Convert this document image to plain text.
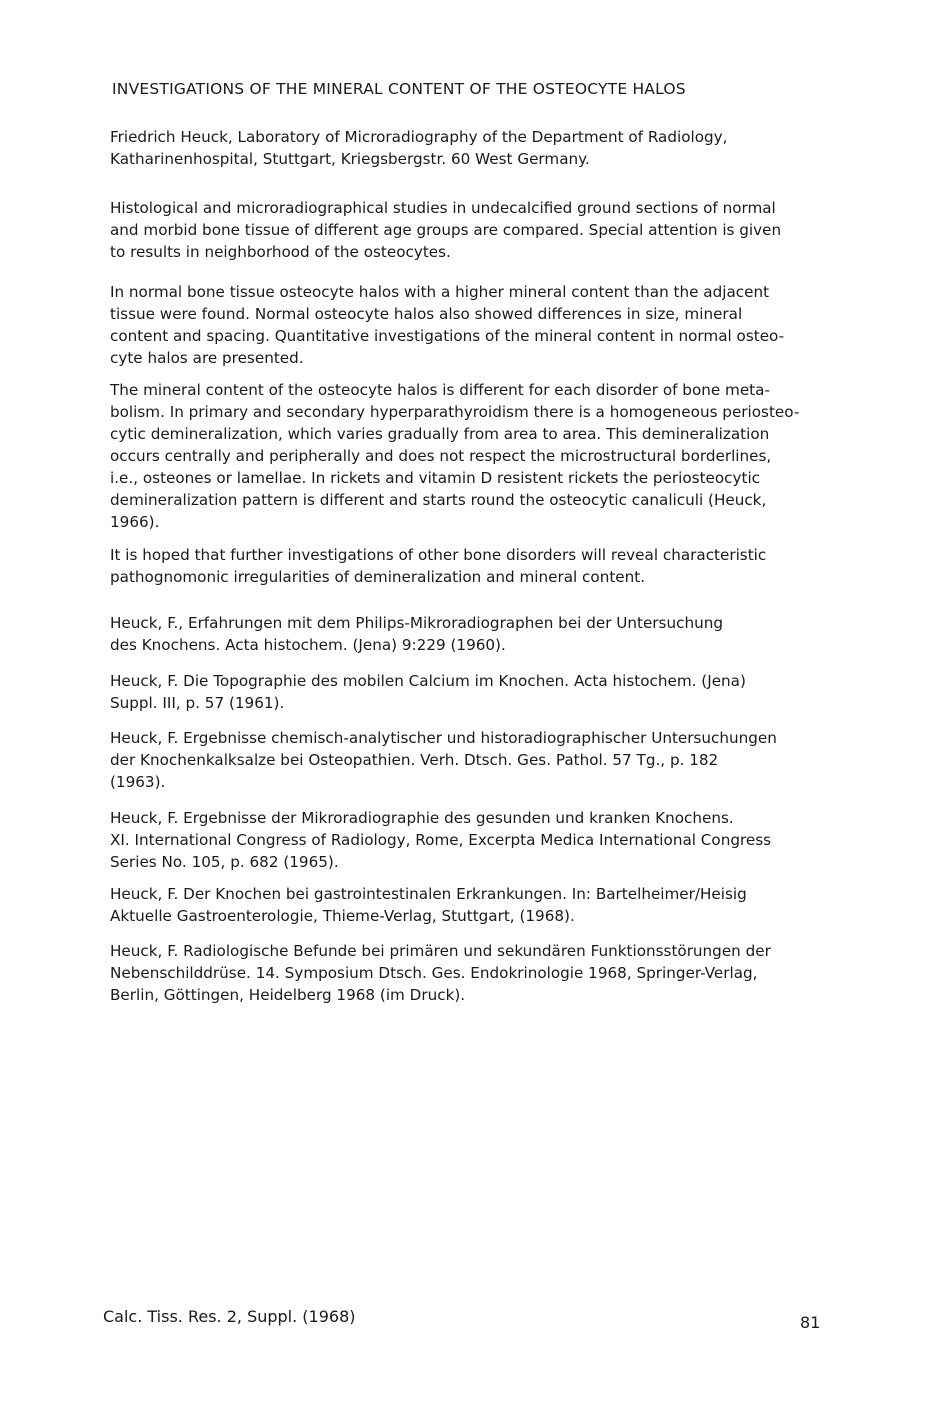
INVESTIGATIONS OF THE MINERAL CONTENT OF THE OSTEOCYTE HALOS
Friedrich Heuck, Laboratory of Microradiography of the Department of Radiology,
Katharinenhospital, Stuttgart, Kriegsbergstr. 60 West Germany.
Histological and microradiographical studies in undecalcified ground sections of normal
and morbid bone tissue of different age groups are compared. Special attention is given
to results in neighborhood of the osteocytes.
In normal bone tissue osteocyte halos with a higher mineral content than the adjacent
tissue were found. Normal osteocyte halos also showed differences in size, mineral
content and spacing. Quantitative investigations of the mineral content in normal osteo-
cyte halos are presented.
The mineral content of the osteocyte halos is different for each disorder of bone meta-
bolism. In primary and secondary hyperparathyroidism there is a homogeneous periosteo-
cytic demineralization, which varies gradually from area to area. This demineralization
occurs centrally and peripherally and does not respect the microstructural borderlines,
i.e., osteones or lamellae. In rickets and vitamin D resistent rickets the periosteocytic
demineralization pattern is different and starts round the osteocytic canaliculi (Heuck,
1966).
It is hoped that further investigations of other bone disorders will reveal characteristic
pathognomonic irregularities of demineralization and mineral content.
Heuck, F., Erfahrungen mit dem Philips-Mikroradiographen bei der Untersuchung
des Knochens. Acta histochem. (Jena) 9:229 (1960).
Heuck, F. Die Topographie des mobilen Calcium im Knochen. Acta histochem. (Jena)
Suppl. III, p. 57 (1961).
Heuck, F. Ergebnisse chemisch-analytischer und historadiographischer Untersuchungen
der Knochenkalksalze bei Osteopathien. Verh. Dtsch. Ges. Pathol. 57 Tg., p. 182
(1963).
Heuck, F. Ergebnisse der Mikroradiographie des gesunden und kranken Knochens.
XI. International Congress of Radiology, Rome, Excerpta Medica International Congress
Series No. 105, p. 682 (1965).
Heuck, F. Der Knochen bei gastrointestinalen Erkrankungen. In: Bartelheimer/Heisig
Aktuelle Gastroenterologie, Thieme-Verlag, Stuttgart, (1968).
Heuck, F. Radiologische Befunde bei primären und sekundären Funktionsstörungen der
Nebenschilddrüse. 14. Symposium Dtsch. Ges. Endokrinologie 1968, Springer-Verlag,
Berlin, Göttingen, Heidelberg 1968 (im Druck).
Calc. Tiss. Res. 2, Suppl. (1968)	81
